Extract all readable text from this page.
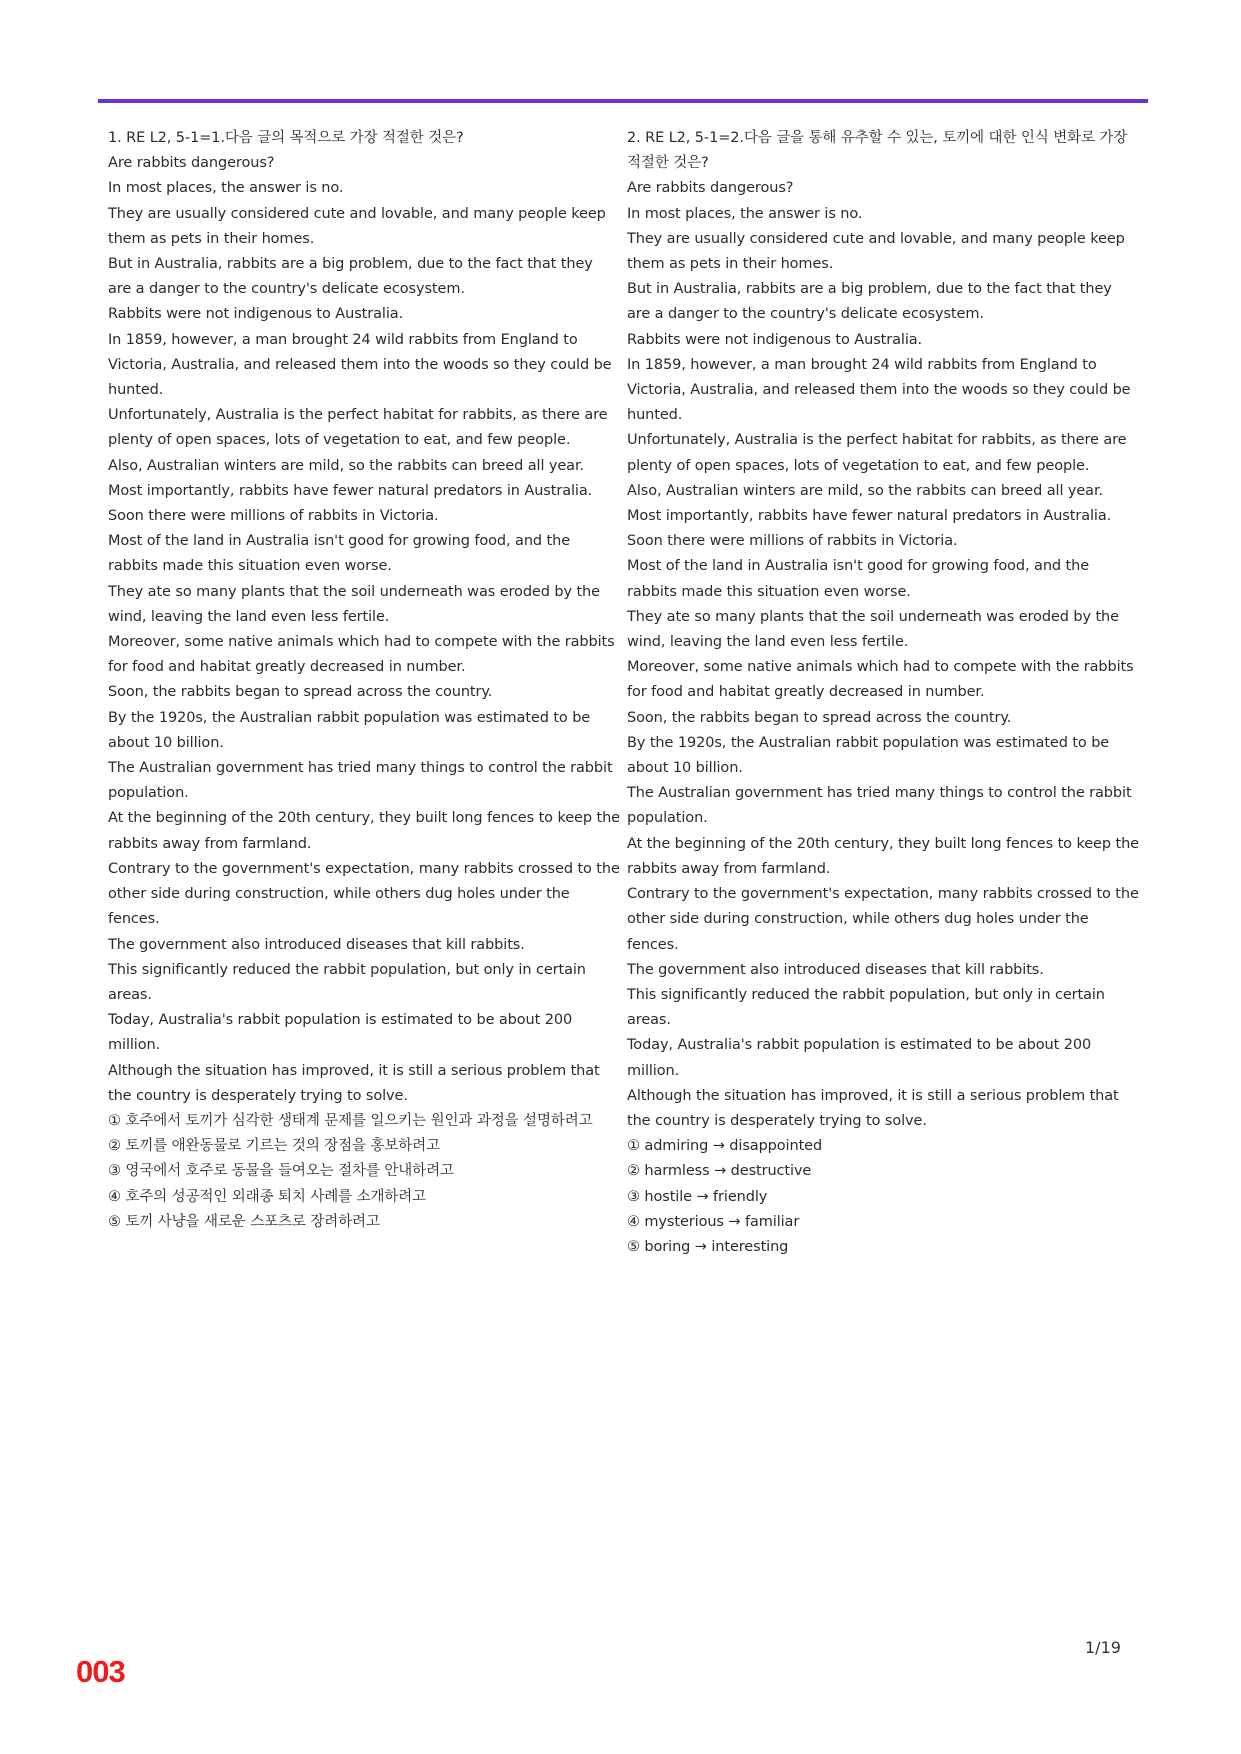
1. RE L2, 5-1=1.다음 글의 목적으로 가장 적절한 것은?
Are rabbits dangerous?
In most places, the answer is no.
They are usually considered cute and lovable, and many people keep them as pets in their homes.
But in Australia, rabbits are a big problem, due to the fact that they are a danger to the country's delicate ecosystem.
Rabbits were not indigenous to Australia.
In 1859, however, a man brought 24 wild rabbits from England to Victoria, Australia, and released them into the woods so they could be hunted.
Unfortunately, Australia is the perfect habitat for rabbits, as there are plenty of open spaces, lots of vegetation to eat, and few people.
Also, Australian winters are mild, so the rabbits can breed all year.
Most importantly, rabbits have fewer natural predators in Australia.
Soon there were millions of rabbits in Victoria.
Most of the land in Australia isn't good for growing food, and the rabbits made this situation even worse.
They ate so many plants that the soil underneath was eroded by the wind, leaving the land even less fertile.
Moreover, some native animals which had to compete with the rabbits for food and habitat greatly decreased in number.
Soon, the rabbits began to spread across the country.
By the 1920s, the Australian rabbit population was estimated to be about 10 billion.
The Australian government has tried many things to control the rabbit population.
At the beginning of the 20th century, they built long fences to keep the rabbits away from farmland.
Contrary to the government's expectation, many rabbits crossed to the other side during construction, while others dug holes under the fences.
The government also introduced diseases that kill rabbits.
This significantly reduced the rabbit population, but only in certain areas.
Today, Australia's rabbit population is estimated to be about 200 million.
Although the situation has improved, it is still a serious problem that the country is desperately trying to solve.
① 호주에서 토끼가 심각한 생태계 문제를 일으키는 원인과 과정을 설명하려고
② 토끼를 애완동물로 기르는 것의 장점을 홍보하려고
③ 영국에서 호주로 동물을 들여오는 절차를 안내하려고
④ 호주의 성공적인 외래종 퇴치 사례를 소개하려고
⑤ 토끼 사냥을 새로운 스포츠로 장려하려고
2. RE L2, 5-1=2.다음 글을 통해 유추할 수 있는, 토끼에 대한 인식 변화로 가장 적절한 것은?
Are rabbits dangerous?
In most places, the answer is no.
They are usually considered cute and lovable, and many people keep them as pets in their homes.
But in Australia, rabbits are a big problem, due to the fact that they are a danger to the country's delicate ecosystem.
Rabbits were not indigenous to Australia.
In 1859, however, a man brought 24 wild rabbits from England to Victoria, Australia, and released them into the woods so they could be hunted.
Unfortunately, Australia is the perfect habitat for rabbits, as there are plenty of open spaces, lots of vegetation to eat, and few people.
Also, Australian winters are mild, so the rabbits can breed all year.
Most importantly, rabbits have fewer natural predators in Australia.
Soon there were millions of rabbits in Victoria.
Most of the land in Australia isn't good for growing food, and the rabbits made this situation even worse.
They ate so many plants that the soil underneath was eroded by the wind, leaving the land even less fertile.
Moreover, some native animals which had to compete with the rabbits for food and habitat greatly decreased in number.
Soon, the rabbits began to spread across the country.
By the 1920s, the Australian rabbit population was estimated to be about 10 billion.
The Australian government has tried many things to control the rabbit population.
At the beginning of the 20th century, they built long fences to keep the rabbits away from farmland.
Contrary to the government's expectation, many rabbits crossed to the other side during construction, while others dug holes under the fences.
The government also introduced diseases that kill rabbits.
This significantly reduced the rabbit population, but only in certain areas.
Today, Australia's rabbit population is estimated to be about 200 million.
Although the situation has improved, it is still a serious problem that the country is desperately trying to solve.
① admiring → disappointed
② harmless → destructive
③ hostile → friendly
④ mysterious → familiar
⑤ boring → interesting
1/19
003
